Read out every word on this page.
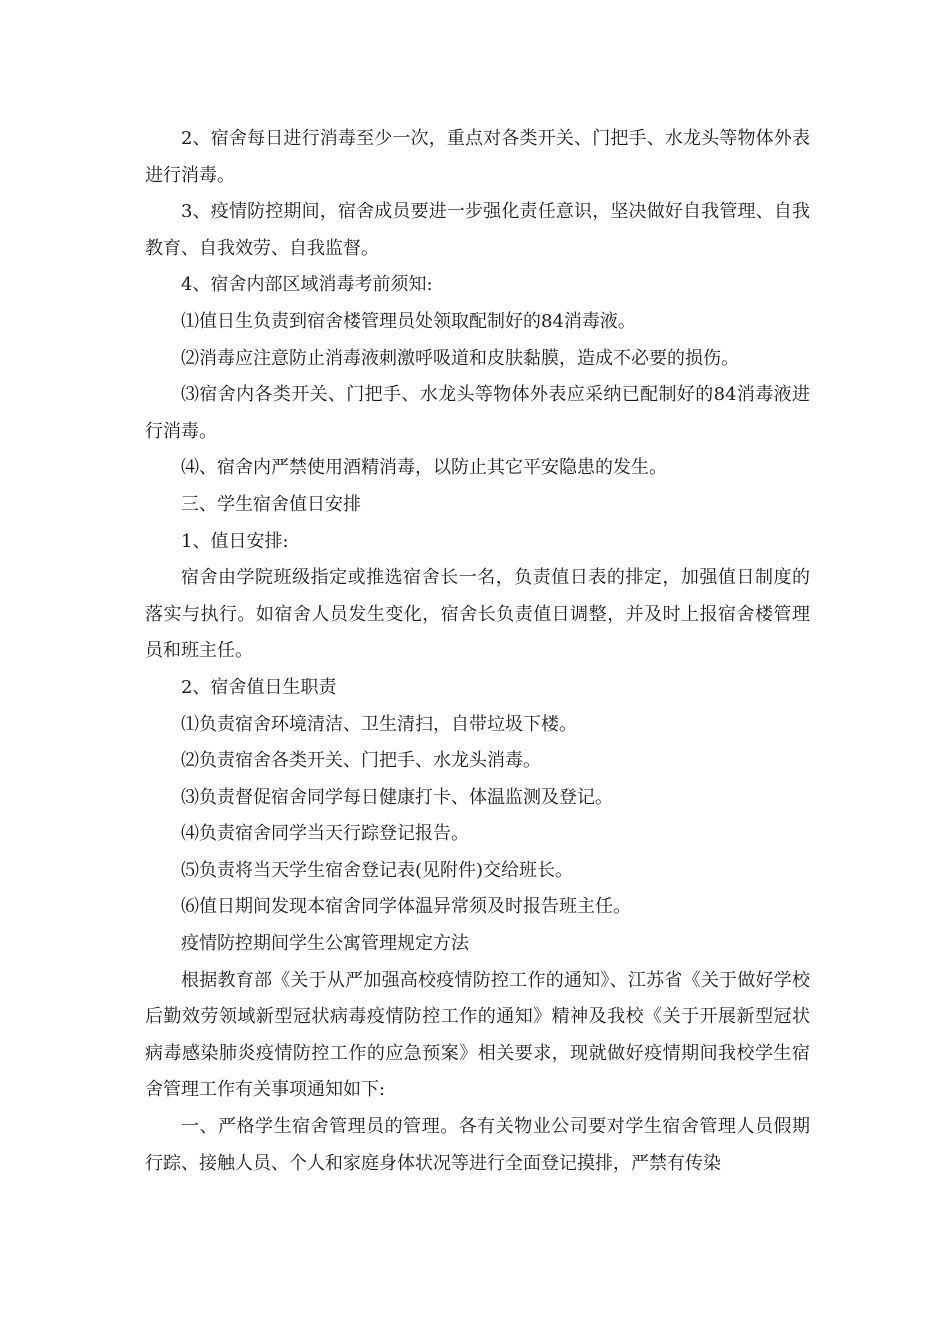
2、宿舍每日进行消毒至少一次，重点对各类开关、门把手、水龙头等物体外表进行消毒。

3、疫情防控期间，宿舍成员要进一步强化责任意识，坚决做好自我管理、自我教育、自我效劳、自我监督。

4、宿舍内部区域消毒考前须知:

⑴值日生负责到宿舍楼管理员处领取配制好的84消毒液。

⑵消毒应注意防止消毒液刺激呼吸道和皮肤黏膜，造成不必要的损伤。

⑶宿舍内各类开关、门把手、水龙头等物体外表应采纳已配制好的84消毒液进行消毒。

⑷、宿舍内严禁使用酒精消毒，以防止其它平安隐患的发生。

三、学生宿舍值日安排

1、值日安排:

宿舍由学院班级指定或推选宿舍长一名，负责值日表的排定，加强值日制度的落实与执行。如宿舍人员发生变化，宿舍长负责值日调整，并及时上报宿舍楼管理员和班主任。

2、宿舍值日生职责

⑴负责宿舍环境清洁、卫生清扫，自带垃圾下楼。

⑵负责宿舍各类开关、门把手、水龙头消毒。

⑶负责督促宿舍同学每日健康打卡、体温监测及登记。

⑷负责宿舍同学当天行踪登记报告。

⑸负责将当天学生宿舍登记表(见附件)交给班长。

⑹值日期间发现本宿舍同学体温异常须及时报告班主任。

疫情防控期间学生公寓管理规定方法

根据教育部《关于从严加强高校疫情防控工作的通知》、江苏省《关于做好学校后勤效劳领域新型冠状病毒疫情防控工作的通知》精神及我校《关于开展新型冠状病毒感染肺炎疫情防控工作的应急预案》相关要求，现就做好疫情期间我校学生宿舍管理工作有关事项通知如下:

一、严格学生宿舍管理员的管理。各有关物业公司要对学生宿舍管理人员假期行踪、接触人员、个人和家庭身体状况等进行全面登记摸排，严禁有传染
